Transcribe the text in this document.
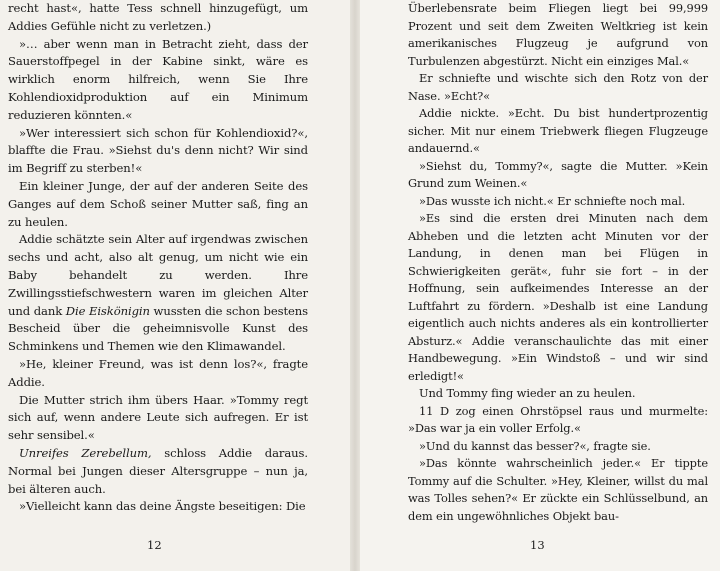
recht hast«, hatte Tess schnell hinzugefügt, um Addies Gefühle nicht zu verletzen.)

»… aber wenn man in Betracht zieht, dass der Sauerstoffpegel in der Kabine sinkt, wäre es wirklich enorm hilfreich, wenn Sie Ihre Kohlendioxidproduktion auf ein Minimum reduzieren könnten.«

»Wer interessiert sich schon für Kohlendioxid?«, blaffte die Frau. »Siehst du's denn nicht? Wir sind im Begriff zu sterben!«

Ein kleiner Junge, der auf der anderen Seite des Ganges auf dem Schoß seiner Mutter saß, fing an zu heulen.

Addie schätzte sein Alter auf irgendwas zwischen sechs und acht, also alt genug, um nicht wie ein Baby behandelt zu werden. Ihre Zwillingsstiefschwestern waren im gleichen Alter und dank Die Eiskönigin wussten die schon bestens Bescheid über die geheimnisvolle Kunst des Schminkens und Themen wie den Klimawandel.

»He, kleiner Freund, was ist denn los?«, fragte Addie.

Die Mutter strich ihm übers Haar. »Tommy regt sich auf, wenn andere Leute sich aufregen. Er ist sehr sensibel.«

Unreifes Zerebellum, schloss Addie daraus. Normal bei Jungen dieser Altersgruppe – nun ja, bei älteren auch.

»Vielleicht kann das deine Ängste beseitigen: Die

12

Überlebensrate beim Fliegen liegt bei 99,999 Prozent und seit dem Zweiten Weltkrieg ist kein amerikanisches Flugzeug je aufgrund von Turbulenzen abgestürzt. Nicht ein einziges Mal.«

Er schniefte und wischte sich den Rotz von der Nase. »Echt?«

Addie nickte. »Echt. Du bist hundertprozentig sicher. Mit nur einem Triebwerk fliegen Flugzeuge andauernd.«

»Siehst du, Tommy?«, sagte die Mutter. »Kein Grund zum Weinen.«

»Das wusste ich nicht.« Er schniefte noch mal.

»Es sind die ersten drei Minuten nach dem Abheben und die letzten acht Minuten vor der Landung, in denen man bei Flügen in Schwierigkeiten gerät«, fuhr sie fort – in der Hoffnung, sein aufkeimendes Interesse an der Luftfahrt zu fördern. »Deshalb ist eine Landung eigentlich auch nichts anderes als ein kontrollierter Absturz.« Addie veranschaulichte das mit einer Handbewegung. »Ein Windstoß – und wir sind erledigt!«

Und Tommy fing wieder an zu heulen.

11 D zog einen Ohrstöpsel raus und murmelte: »Das war ja ein voller Erfolg.«

»Und du kannst das besser?«, fragte sie.

»Das könnte wahrscheinlich jeder.« Er tippte Tommy auf die Schulter. »Hey, Kleiner, willst du mal was Tolles sehen?« Er zückte ein Schlüsselbund, an dem ein ungewöhnliches Objekt bau-

13
